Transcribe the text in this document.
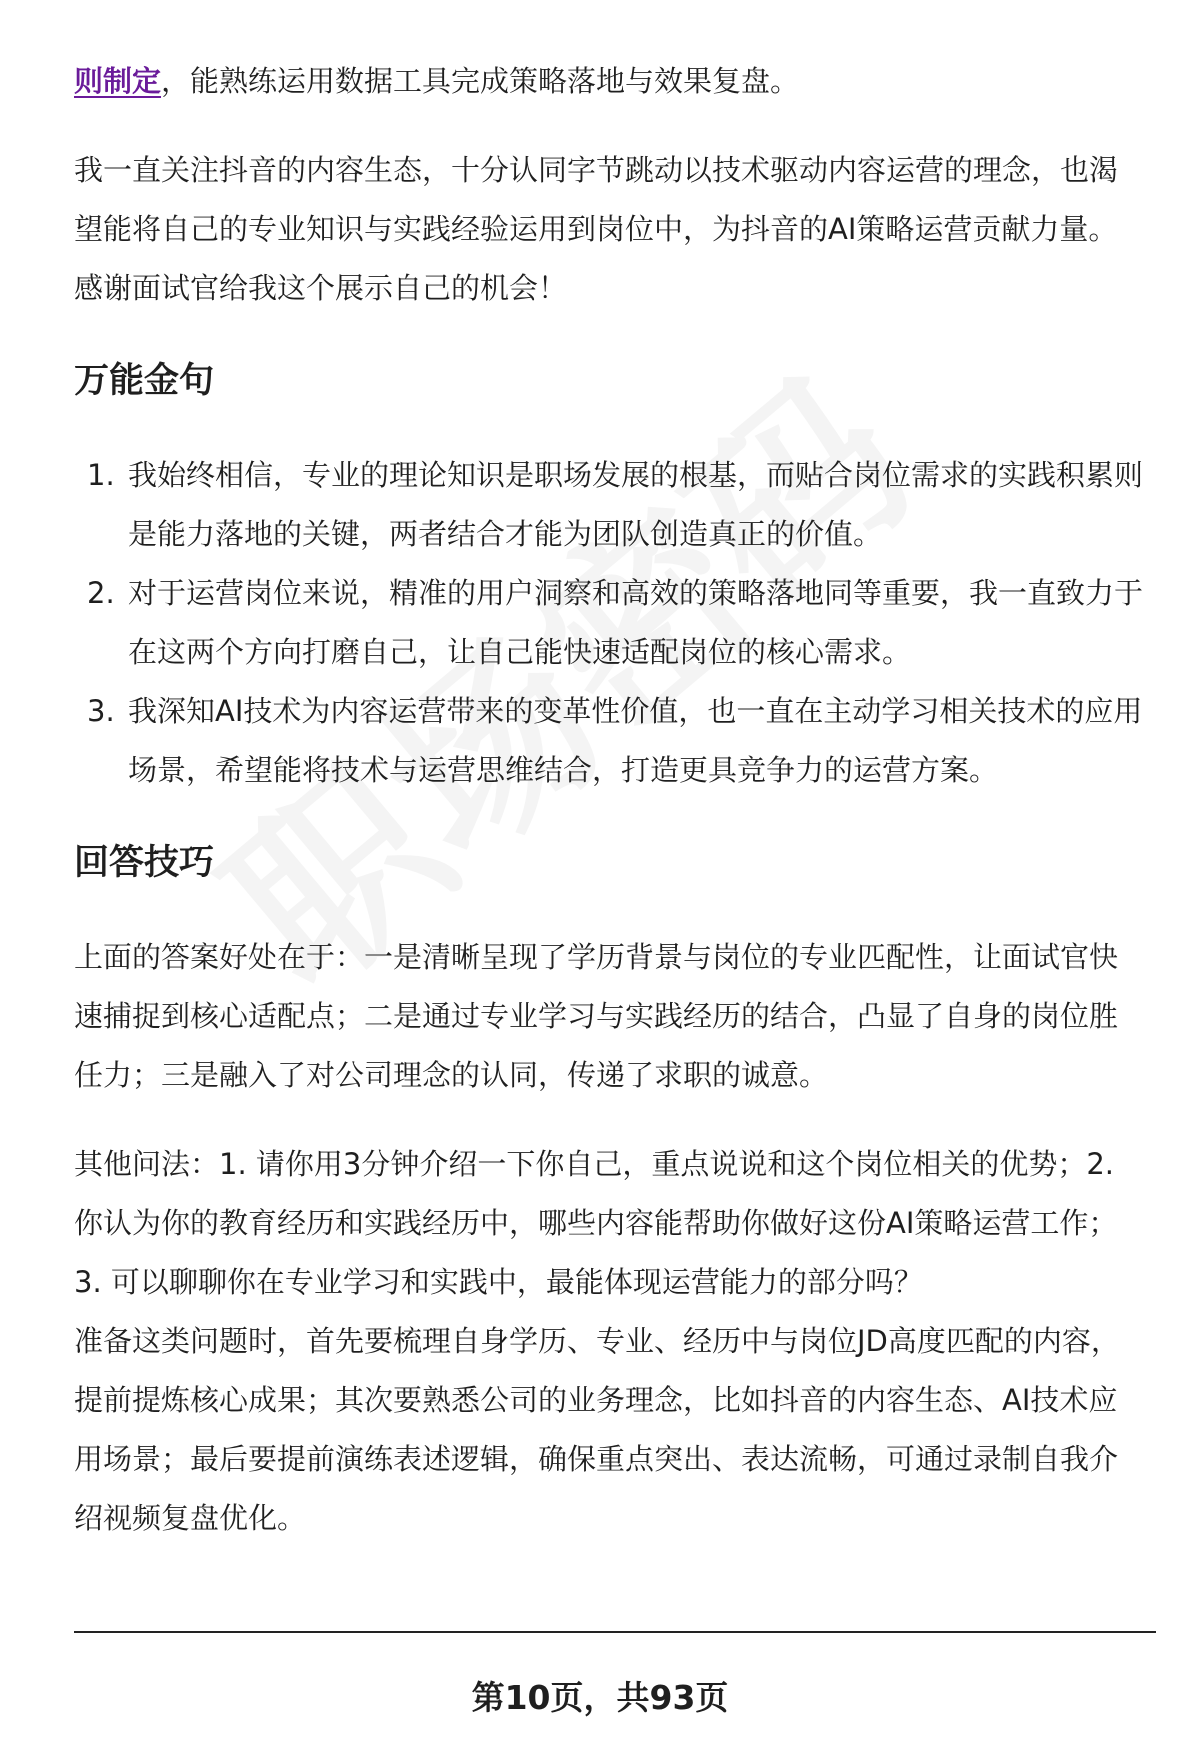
则制定，能熟练运用数据工具完成策略落地与效果复盘。

我一直关注抖音的内容生态，十分认同字节跳动以技术驱动内容运营的理念，也渴望能将自己的专业知识与实践经验运用到岗位中，为抖音的AI策略运营贡献力量。感谢面试官给我这个展示自己的机会！

万能金句
1. 我始终相信，专业的理论知识是职场发展的根基，而贴合岗位需求的实践积累则是能力落地的关键，两者结合才能为团队创造真正的价值。
2. 对于运营岗位来说，精准的用户洞察和高效的策略落地同等重要，我一直致力于在这两个方向打磨自己，让自己能快速适配岗位的核心需求。
3. 我深知AI技术为内容运营带来的变革性价值，也一直在主动学习相关技术的应用场景，希望能将技术与运营思维结合，打造更具竞争力的运营方案。
回答技巧

上面的答案好处在于：一是清晰呈现了学历背景与岗位的专业匹配性，让面试官快速捕捉到核心适配点；二是通过专业学习与实践经历的结合，凸显了自身的岗位胜任力；三是融入了对公司理念的认同，传递了求职的诚意。

其他问法：1. 请你用3分钟介绍一下你自己，重点说说和这个岗位相关的优势；2. 你认为你的教育经历和实践经历中，哪些内容能帮助你做好这份AI策略运营工作；3. 可以聊聊你在专业学习和实践中，最能体现运营能力的部分吗？

准备这类问题时，首先要梳理自身学历、专业、经历中与岗位JD高度匹配的内容，提前提炼核心成果；其次要熟悉公司的业务理念，比如抖音的内容生态、AI技术应用场景；最后要提前演练表述逻辑，确保重点突出、表达流畅，可通过录制自我介绍视频复盘优化。

第10页，共93页
